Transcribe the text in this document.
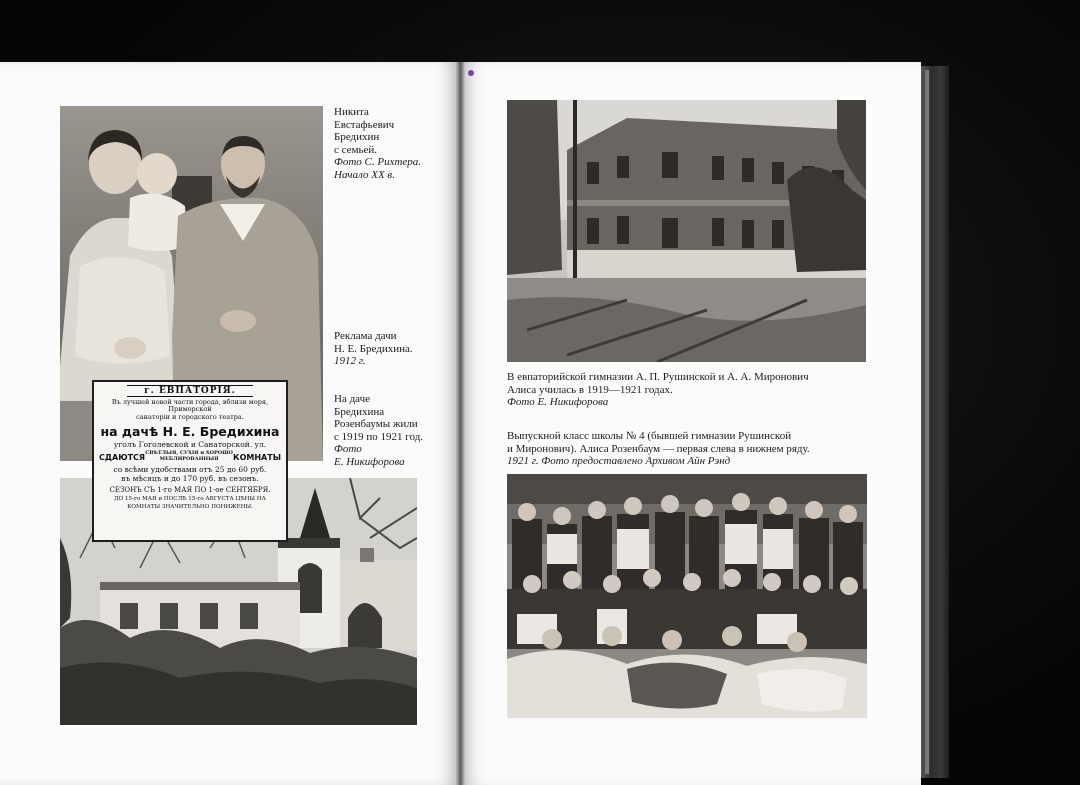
г. ЕВПАТОРІЯ.
Въ лучшей новой части города, вблизи моря, Приморской
санаторіи и городского театра.
на дачѣ Н. Е. Бредихина
уголъ Гоголевской и Санаторской. ул.
СДАЮТСЯ СВѢТЛЫЯ, СУХІЯ и ХОРОШО
МЕБЛИРОВАННЫЯ	КОМНАТЫ
со всѣми удобствами отъ 25 до 60 руб.
въ мѣсяцъ и до 170 руб. въ сезонъ.
СЕЗОНЪ СЪ 1-го МАЯ ПО 1-ое СЕНТЯБРЯ.
ДО 15-го МАЯ и ПОСЛѢ 15-го АВГУСТА ЦѢНЫ НА
КОМНАТЫ ЗНАЧИТЕЛЬНО ПОНИЖЕНЫ.
Никита
Евстафьевич
Бредихин
с семьей.
Фото С. Рихтера.
Начало XX в.
Реклама дачи
Н. Е. Бредихина.
1912 г.
На даче
Бредихина
Розенбаумы жили
с 1919 по 1921 год.
Фото
Е. Никифорова
В евпаторийской гимназии А. П. Рушинской и А. А. Миронович
Алиса училась в 1919—1921 годах.
Фото Е. Никифорова
Выпускной класс школы № 4 (бывшей гимназии Рушинской
и Миронович). Алиса Розенбаум — первая слева в нижнем ряду.
1921 г. Фото предоставлено Архивом Айн Рэнд
